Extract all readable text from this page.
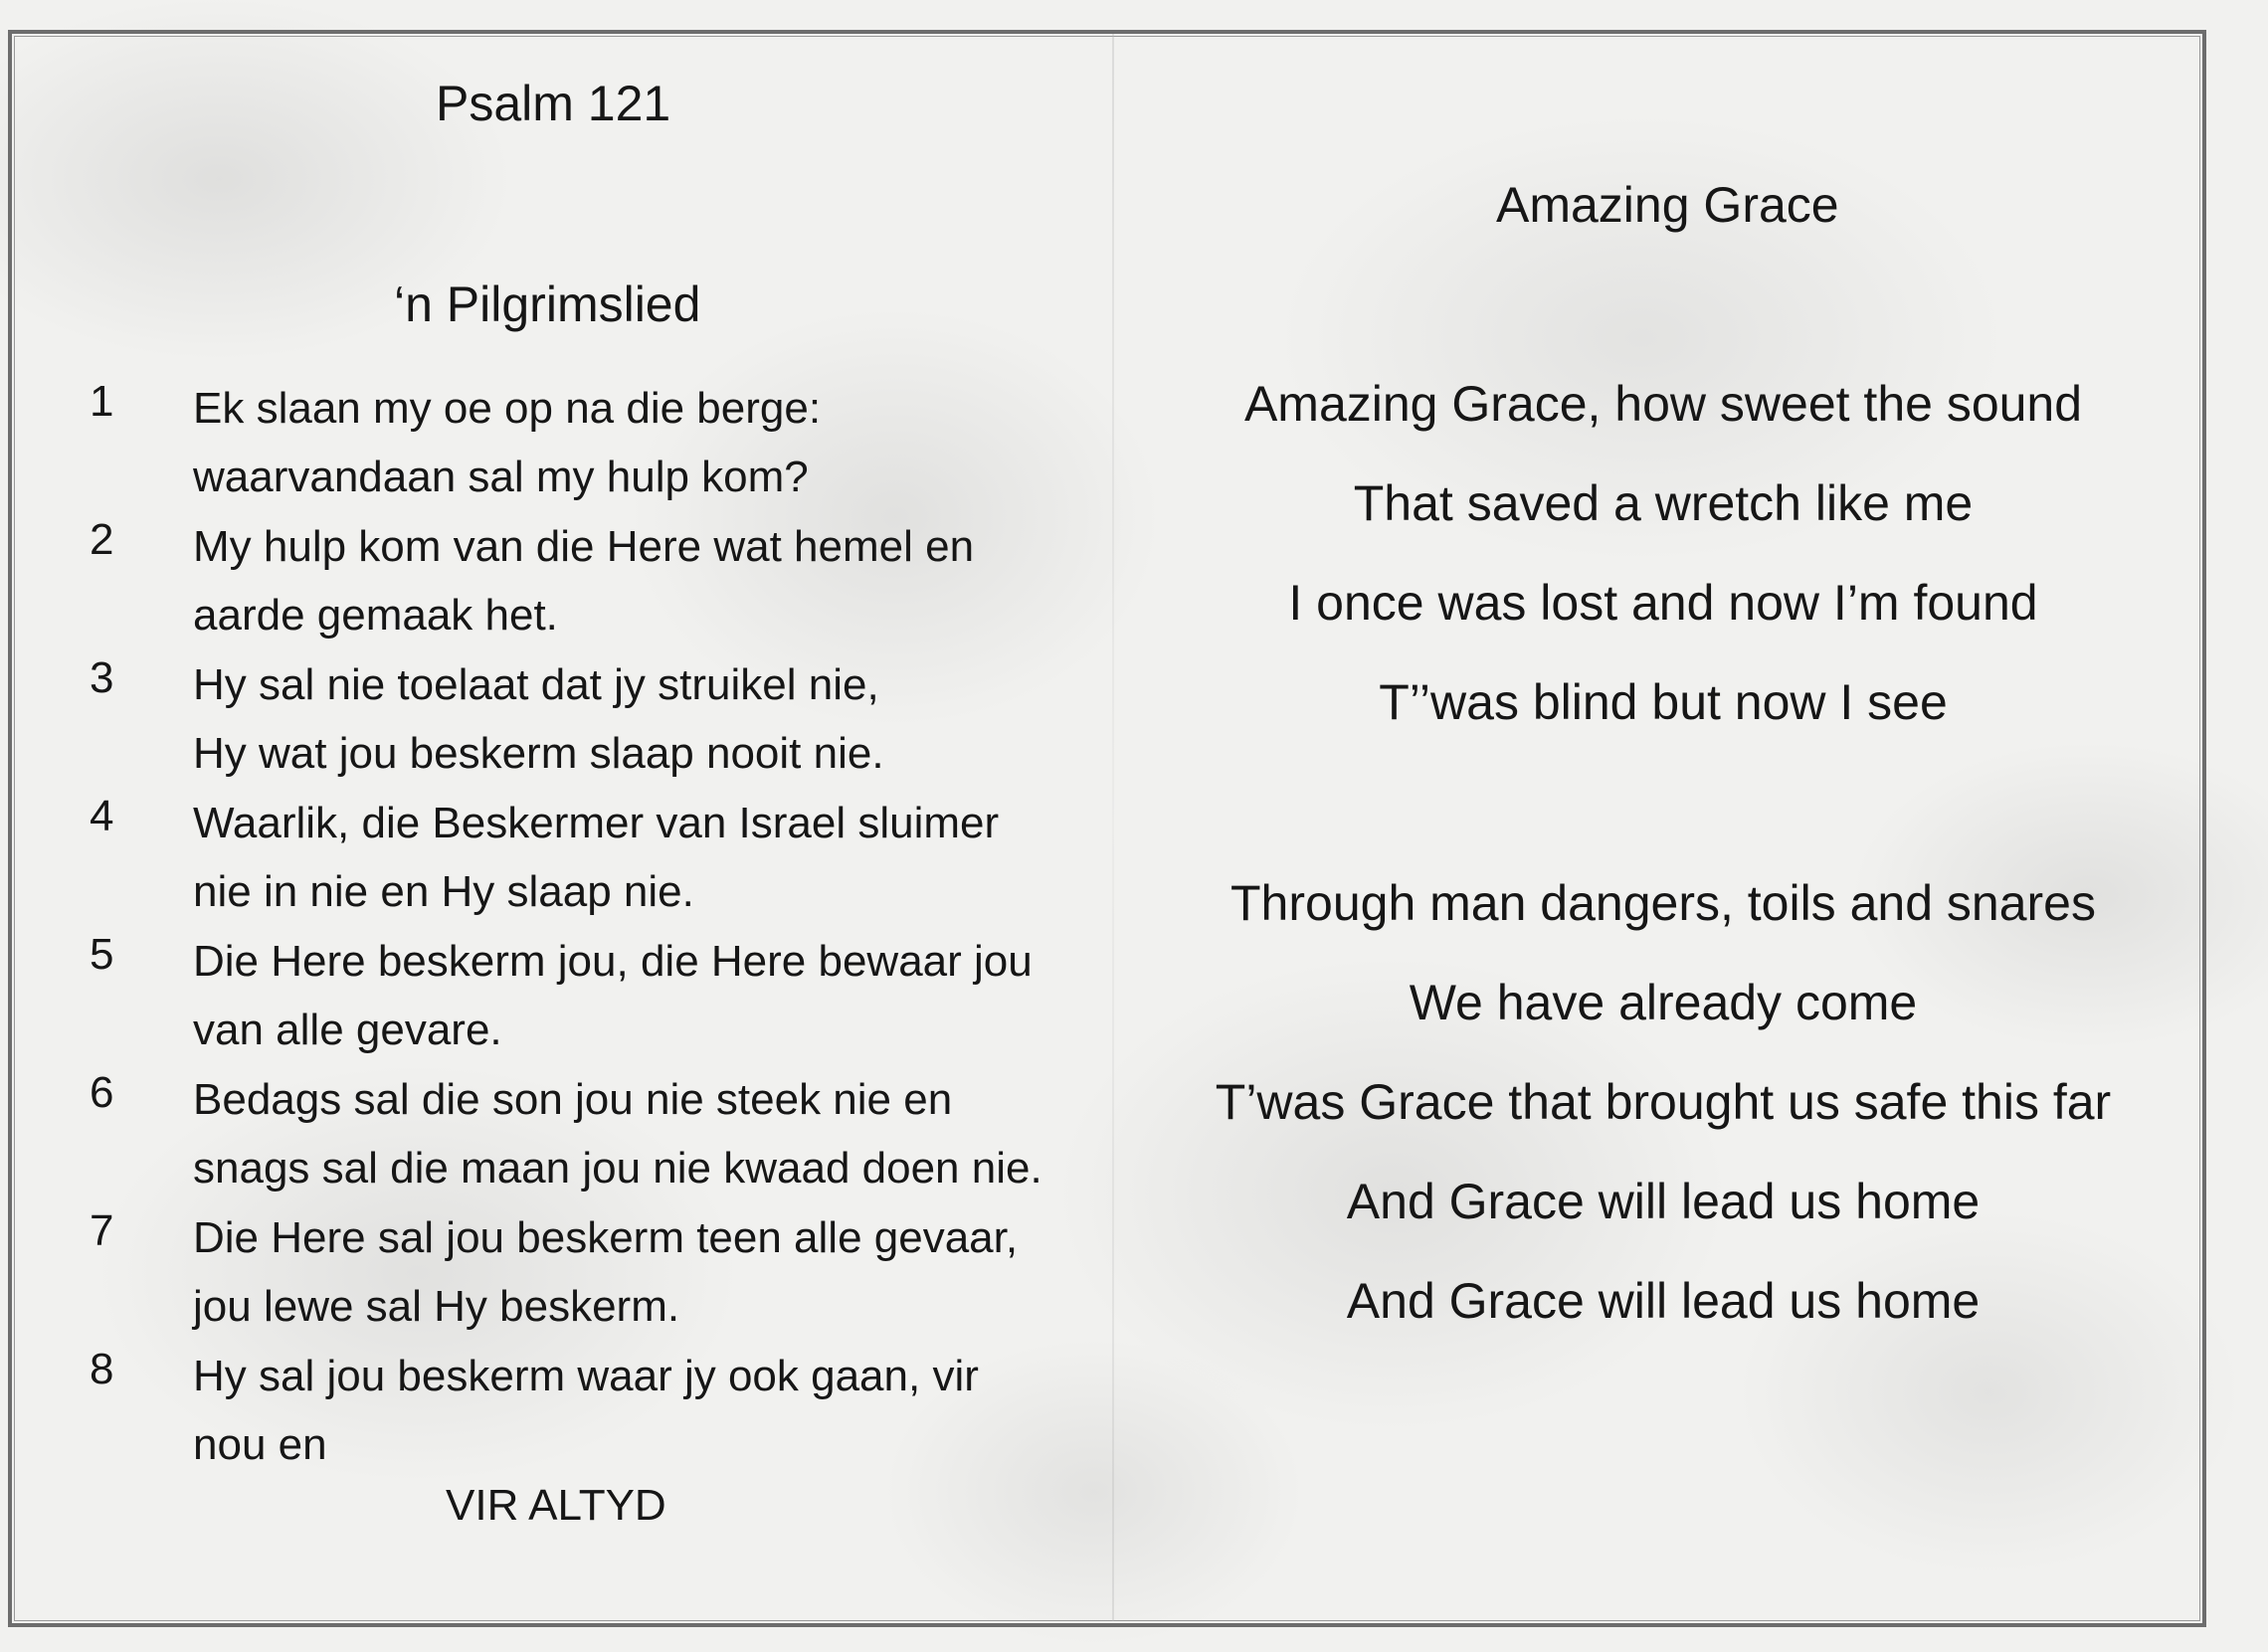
Psalm 121
‘n Pilgrimslied
1 Ek slaan my oe op na die berge:
waarvandaan sal my hulp kom?
2 My hulp kom van die Here wat hemel en
aarde gemaak het.
3 Hy sal nie toelaat dat jy struikel nie,
Hy wat jou beskerm slaap nooit nie.
4 Waarlik, die Beskermer van Israel sluimer
nie in nie en Hy slaap nie.
5 Die Here beskerm jou, die Here bewaar jou
van alle gevare.
6 Bedags sal die son jou nie steek nie en
snags sal die maan jou nie kwaad doen nie.
7 Die Here sal jou beskerm teen alle gevaar,
jou lewe sal Hy beskerm.
8 Hy sal jou beskerm waar jy ook gaan, vir
nou en
VIR ALTYD
Amazing Grace
Amazing Grace, how sweet the sound
That saved a wretch like me
I once was lost and now I’m found
T’’was blind but now I see
Through man dangers, toils and snares
We have already come
T’was Grace that brought us safe this far
And Grace will lead us home
And Grace will lead us home
